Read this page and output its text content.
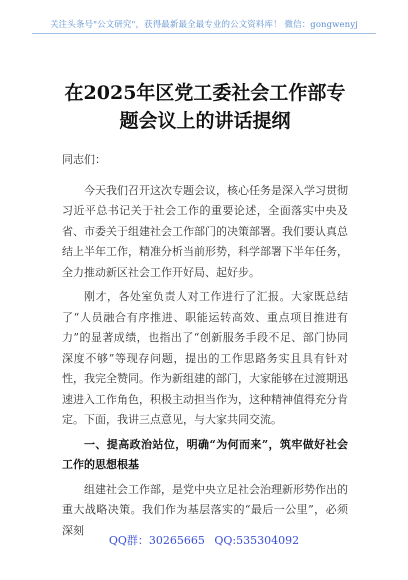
关注头条号"公文研究"，获得最新最全最专业的公文资料库！ 微信：gongwenyj
在2025年区党工委社会工作部专题会议上的讲话提纲

同志们：

今天我们召开这次专题会议，核心任务是深入学习贯彻习近平总书记关于社会工作的重要论述，全面落实中央及省、市委关于组建社会工作部门的决策部署。我们要认真总结上半年工作，精准分析当前形势，科学部署下半年任务，全力推动新区社会工作开好局、起好步。

刚才，各处室负责人对工作进行了汇报。大家既总结了“人员融合有序推进、职能运转高效、重点项目推进有力”的显著成绩，也指出了“创新服务手段不足、部门协同深度不够”等现存问题，提出的工作思路务实且具有针对性，我完全赞同。作为新组建的部门，大家能够在过渡期迅速进入工作角色，积极主动担当作为，这种精神值得充分肯定。下面，我讲三点意见，与大家共同交流。

一、提高政治站位，明确“为何而来”，筑牢做好社会工作的思想根基

组建社会工作部，是党中央立足社会治理新形势作出的重大战略决策。我们作为基层落实的“最后一公里”，必须深刻

QQ群：30265665 QQ:535304092
